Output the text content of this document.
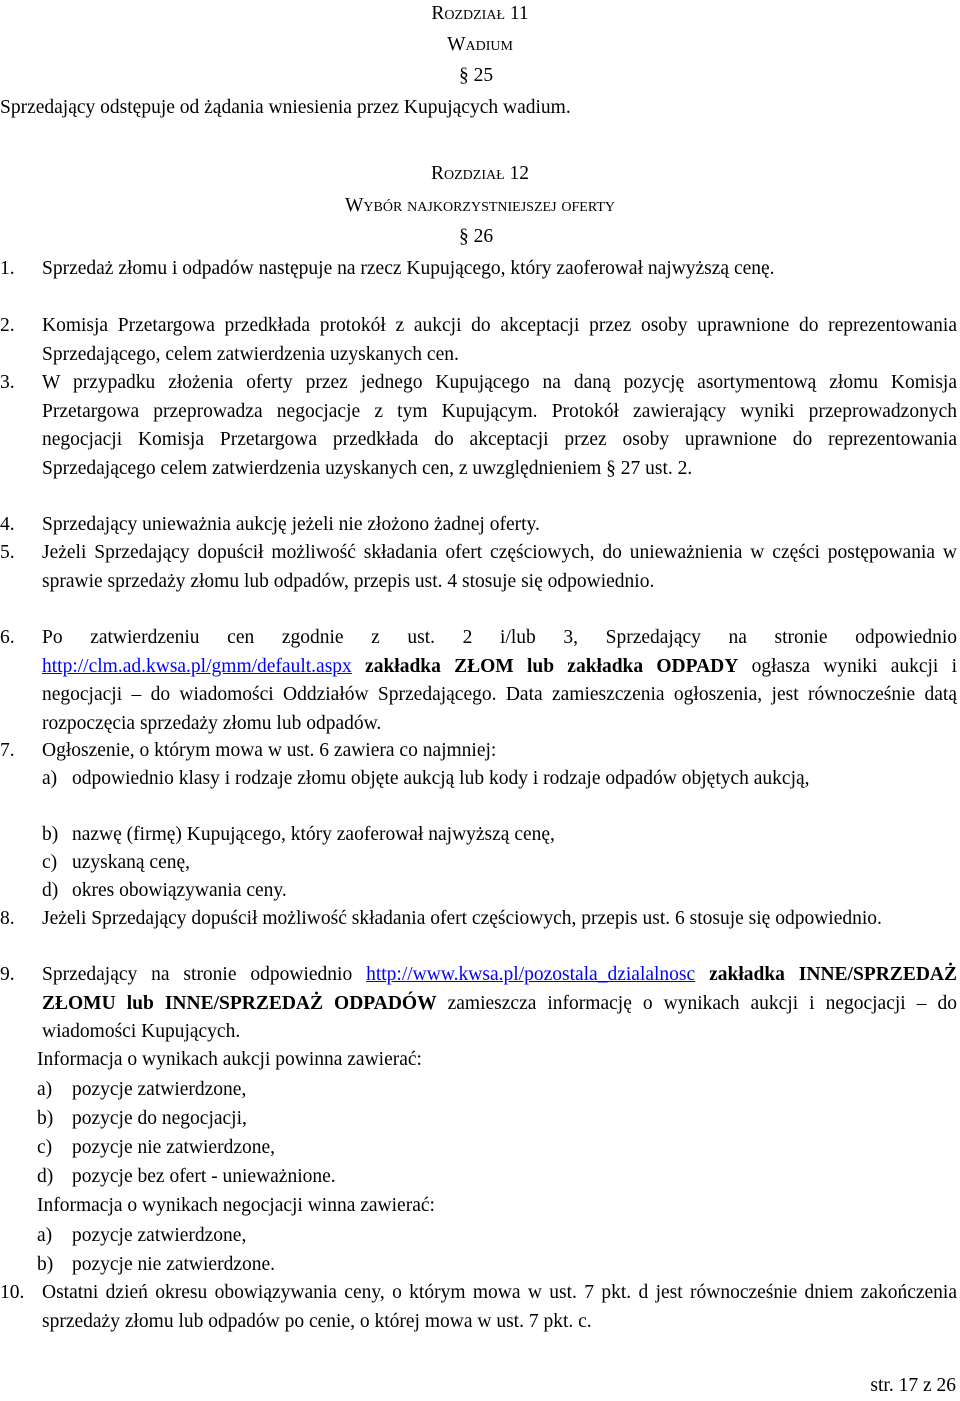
Rozdział 11
Wadium
§ 25
Sprzedający odstępuje od żądania wniesienia przez Kupujących wadium.
Rozdział 12
Wybór najkorzystniejszej oferty
§ 26
1.	Sprzedaż złomu i odpadów następuje na rzecz Kupującego, który zaoferował najwyższą cenę.
2.	Komisja Przetargowa przedkłada protokół z aukcji do akceptacji przez osoby uprawnione do reprezentowania Sprzedającego, celem zatwierdzenia uzyskanych cen.
3.	W przypadku złożenia oferty przez jednego Kupującego na daną pozycję asortymentową złomu Komisja Przetargowa przeprowadza negocjacje z tym Kupującym. Protokół zawierający wyniki przeprowadzonych negocjacji Komisja Przetargowa przedkłada do akceptacji przez osoby uprawnione do reprezentowania Sprzedającego celem zatwierdzenia uzyskanych cen, z uwzględnieniem § 27 ust. 2.
4.	Sprzedający unieważnia aukcję jeżeli nie złożono żadnej oferty.
5.	Jeżeli Sprzedający dopuścił możliwość składania ofert częściowych, do unieważnienia w części postępowania w sprawie sprzedaży złomu lub odpadów, przepis ust. 4 stosuje się odpowiednio.
6.	Po zatwierdzeniu cen zgodnie z ust. 2 i/lub 3, Sprzedający na stronie odpowiednio http://clm.ad.kwsa.pl/gmm/default.aspx zakładka ZŁOM lub zakładka ODPADY ogłasza wyniki aukcji i negocjacji – do wiadomości Oddziałów Sprzedającego. Data zamieszczenia ogłoszenia, jest równocześnie datą rozpoczęcia sprzedaży złomu lub odpadów.
7.	Ogłoszenie, o którym mowa w ust. 6 zawiera co najmniej:
a) odpowiednio klasy i rodzaje złomu objęte aukcją lub kody i rodzaje odpadów objętych aukcją,
b) nazwę (firmę) Kupującego, który zaoferował najwyższą cenę,
c) uzyskaną cenę,
d) okres obowiązywania ceny.
8.	Jeżeli Sprzedający dopuścił możliwość składania ofert częściowych, przepis ust. 6 stosuje się odpowiednio.
9.	Sprzedający na stronie odpowiednio http://www.kwsa.pl/pozostala_dzialalnosc zakładka INNE/SPRZEDAŻ ZŁOMU lub INNE/SPRZEDAŻ ODPADÓW zamieszcza informację o wynikach aukcji i negocjacji – do wiadomości Kupujących.
Informacja o wynikach aukcji powinna zawierać:
a) pozycje zatwierdzone,
b) pozycje do negocjacji,
c) pozycje nie zatwierdzone,
d) pozycje bez ofert - unieważnione.
Informacja o wynikach negocjacji winna zawierać:
a) pozycje zatwierdzone,
b) pozycje nie zatwierdzone.
10. Ostatni dzień okresu obowiązywania ceny, o którym mowa w ust. 7 pkt. d jest równocześnie dniem zakończenia sprzedaży złomu lub odpadów po cenie, o której mowa w ust. 7 pkt. c.
str. 17 z 26
